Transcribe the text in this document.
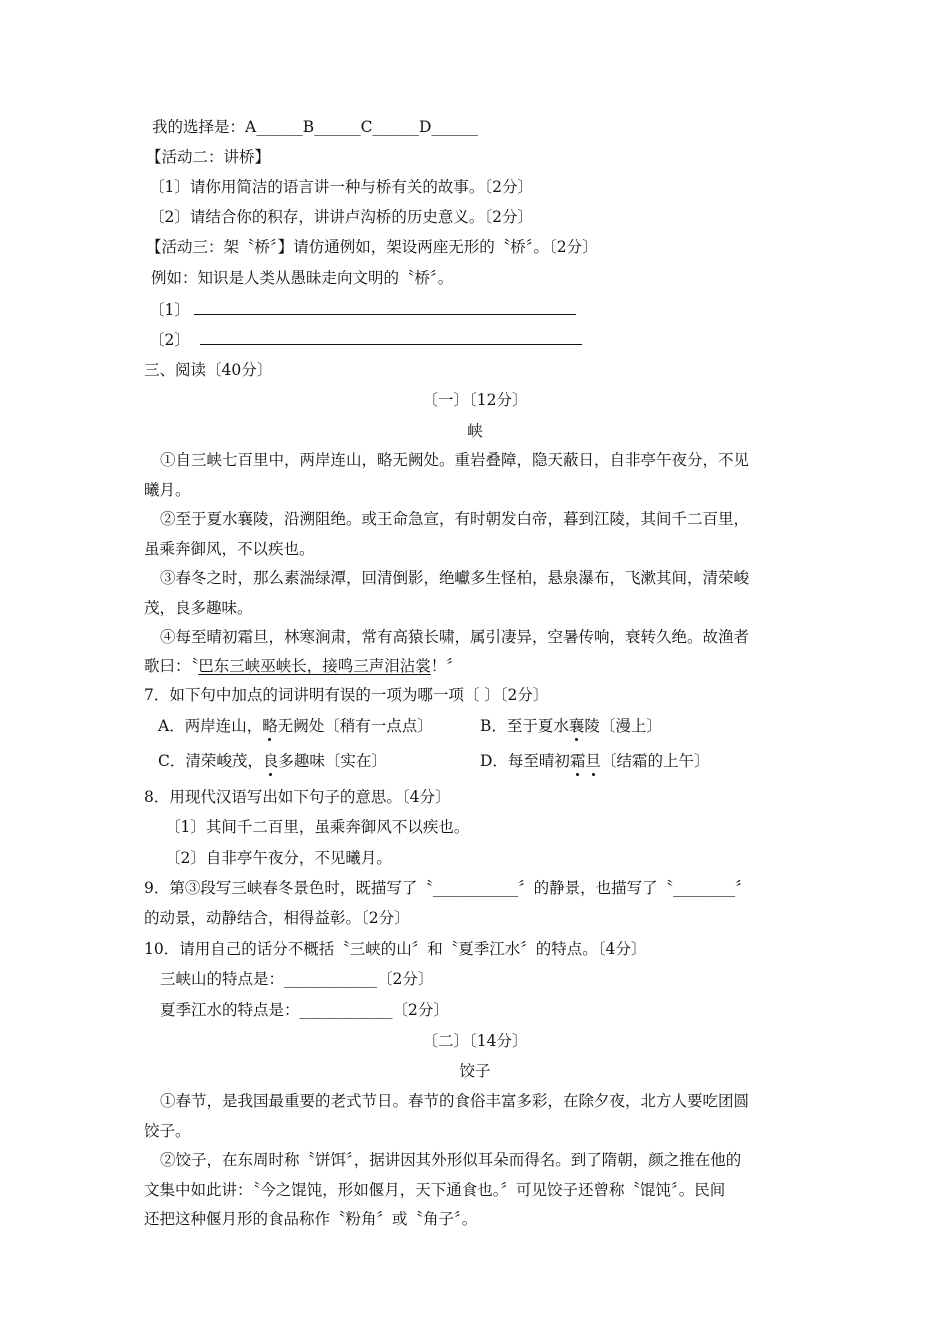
我的选择是：A______B______C______D______
【活动二：讲桥】
〔1〕请你用简洁的语言讲一种与桥有关的故事。〔2分〕
〔2〕请结合你的积存，讲讲卢沟桥的历史意义。〔2分〕
【活动三：架〝桥〞】请仿通例如，架设两座无形的〝桥〞。〔2分〕
例如：知识是人类从愚昧走向文明的〝桥〞。
〔1〕
〔2〕
三、阅读〔40分〕
〔一〕〔12分〕
峡
①自三峡七百里中，两岸连山，略无阙处。重岩叠障，隐天蔽日，自非亭午夜分，不见
曦月。
②至于夏水襄陵，沿溯阻绝。或王命急宣，有时朝发白帝，暮到江陵，其间千二百里，
虽乘奔御风，不以疾也。
③春冬之时，那么素湍绿潭，回清倒影，绝巘多生怪柏，悬泉瀑布，飞漱其间，清荣峻
茂，良多趣味。
④每至晴初霜旦，林寒涧肃，常有高猿长啸，属引凄异，空暑传响，衰转久绝。故渔者
歌曰：〝巴东三峡巫峡长，接鸣三声泪沾裳！〞
7．如下句中加点的词讲明有误的一项为哪一项〔 〕〔2分〕
A．两岸连山，略无阙处〔稍有一点点〕	B．至于夏水襄陵〔漫上〕
C．清荣峻茂，良多趣味〔实在〕	D．每至晴初霜旦〔结霜的上午〕
8．用现代汉语写出如下句子的意思。〔4分〕
〔1〕其间千二百里，虽乘奔御风不以疾也。
〔2〕自非亭午夜分，不见曦月。
9．第③段写三峡春冬景色时，既描写了〝___________〞的静景，也描写了〝________〞
的动景，动静结合，相得益彰。〔2分〕
10．请用自己的话分不概括〝三峡的山〞和〝夏季江水〞的特点。〔4分〕
三峡山的特点是：____________〔2分〕
夏季江水的特点是：____________〔2分〕
〔二〕〔14分〕
饺子
①春节，是我国最重要的老式节日。春节的食俗丰富多彩，在除夕夜，北方人要吃团圆
饺子。
②饺子，在东周时称〝饼饵〞，据讲因其外形似耳朵而得名。到了隋朝，颜之推在他的
文集中如此讲：〝今之馄饨，形如偃月，天下通食也。〞可见饺子还曾称〝馄饨〞。民间
还把这种偃月形的食品称作〝粉角〞或〝角子〞。
